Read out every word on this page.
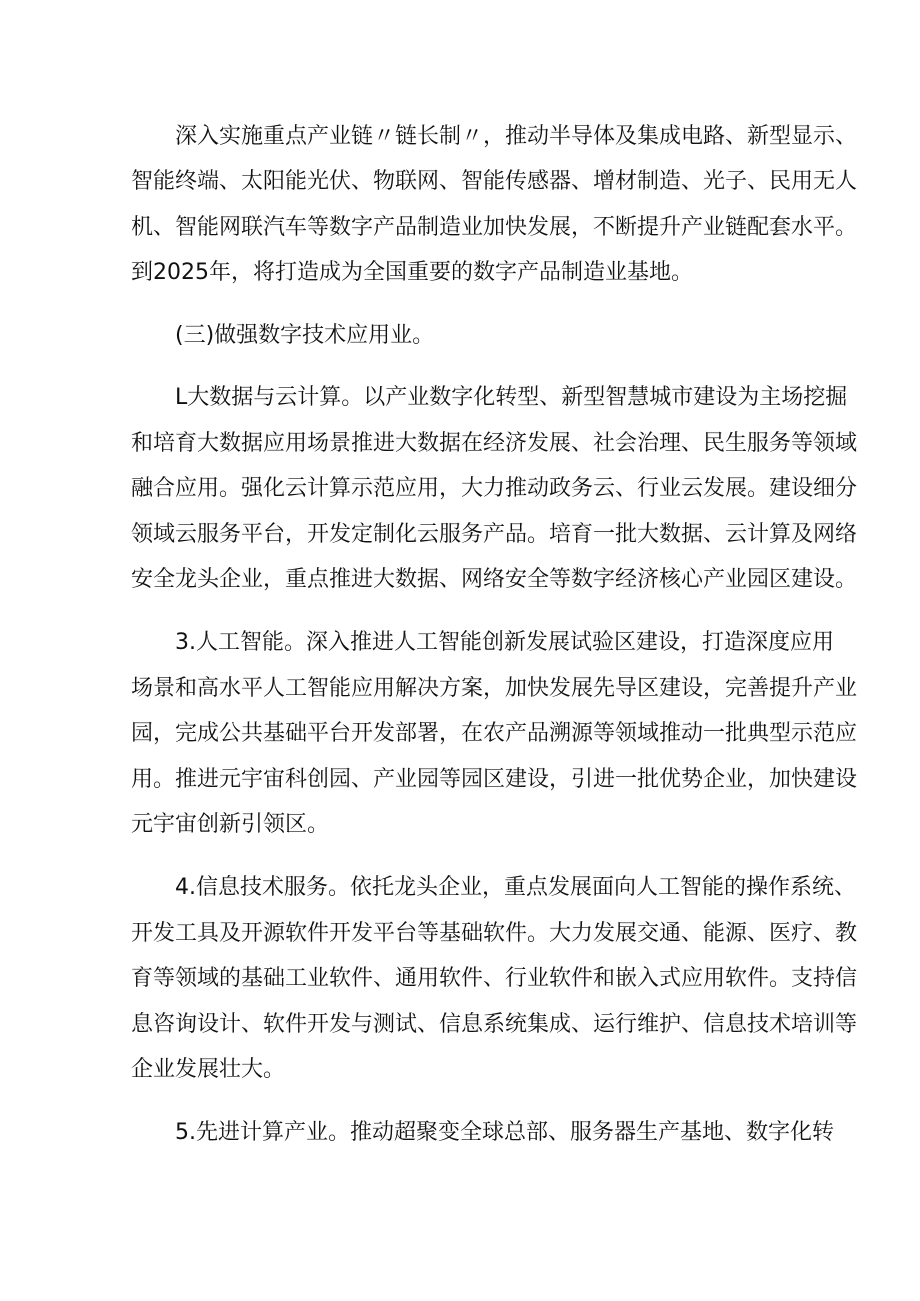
深入实施重点产业链〃链长制〃，推动半导体及集成电路、新型显示、
智能终端、太阳能光伏、物联网、智能传感器、增材制造、光子、民用无人
机、智能网联汽车等数字产品制造业加快发展，不断提升产业链配套水平。
到2025年，将打造成为全国重要的数字产品制造业基地。
(三)做强数字技术应用业。
L大数据与云计算。以产业数字化转型、新型智慧城市建设为主场挖掘
和培育大数据应用场景推进大数据在经济发展、社会治理、民生服务等领域
融合应用。强化云计算示范应用，大力推动政务云、行业云发展。建设细分
领域云服务平台，开发定制化云服务产品。培育一批大数据、云计算及网络
安全龙头企业，重点推进大数据、网络安全等数字经济核心产业园区建设。
3.人工智能。深入推进人工智能创新发展试验区建设，打造深度应用
场景和高水平人工智能应用解决方案，加快发展先导区建设，完善提升产业
园，完成公共基础平台开发部署，在农产品溯源等领域推动一批典型示范应
用。推进元宇宙科创园、产业园等园区建设，引进一批优势企业，加快建设
元宇宙创新引领区。
4.信息技术服务。依托龙头企业，重点发展面向人工智能的操作系统、
开发工具及开源软件开发平台等基础软件。大力发展交通、能源、医疗、教
育等领域的基础工业软件、通用软件、行业软件和嵌入式应用软件。支持信
息咨询设计、软件开发与测试、信息系统集成、运行维护、信息技术培训等
企业发展壮大。
5.先进计算产业。推动超聚变全球总部、服务器生产基地、数字化转
